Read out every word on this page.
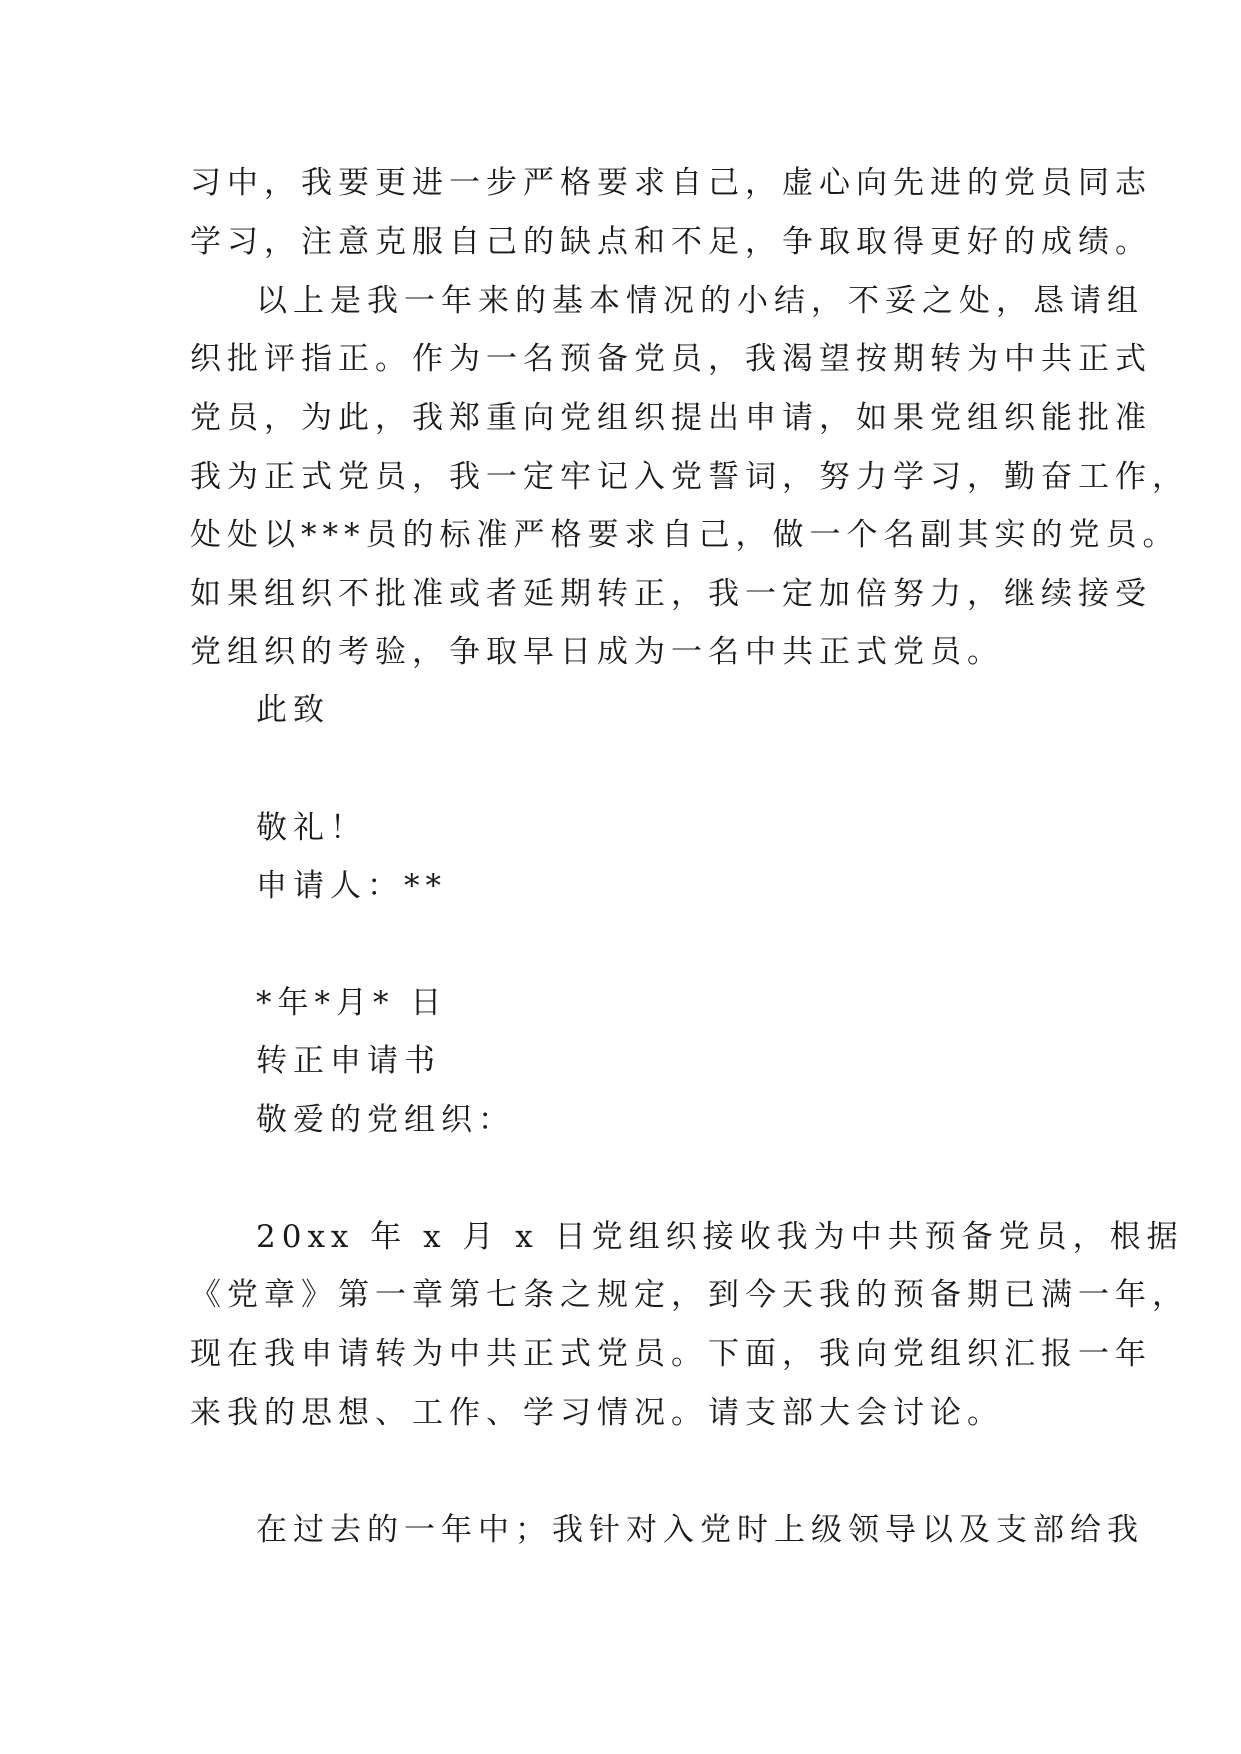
习中，我要更进一步严格要求自己，虚心向先进的党员同志
学习，注意克服自己的缺点和不足，争取取得更好的成绩。
以上是我一年来的基本情况的小结，不妥之处，恳请组
织批评指正。作为一名预备党员，我渴望按期转为中共正式
党员，为此，我郑重向党组织提出申请，如果党组织能批准
我为正式党员，我一定牢记入党誓词，努力学习，勤奋工作，
处处以***员的标准严格要求自己，做一个名副其实的党员。
如果组织不批准或者延期转正，我一定加倍努力，继续接受
党组织的考验，争取早日成为一名中共正式党员。
此致
敬礼！
申请人：**
*年*月* 日
转正申请书
敬爱的党组织：
20xx 年 x 月 x 日党组织接收我为中共预备党员，根据
《党章》第一章第七条之规定，到今天我的预备期已满一年，
现在我申请转为中共正式党员。下面，我向党组织汇报一年
来我的思想、工作、学习情况。请支部大会讨论。
在过去的一年中；我针对入党时上级领导以及支部给我
